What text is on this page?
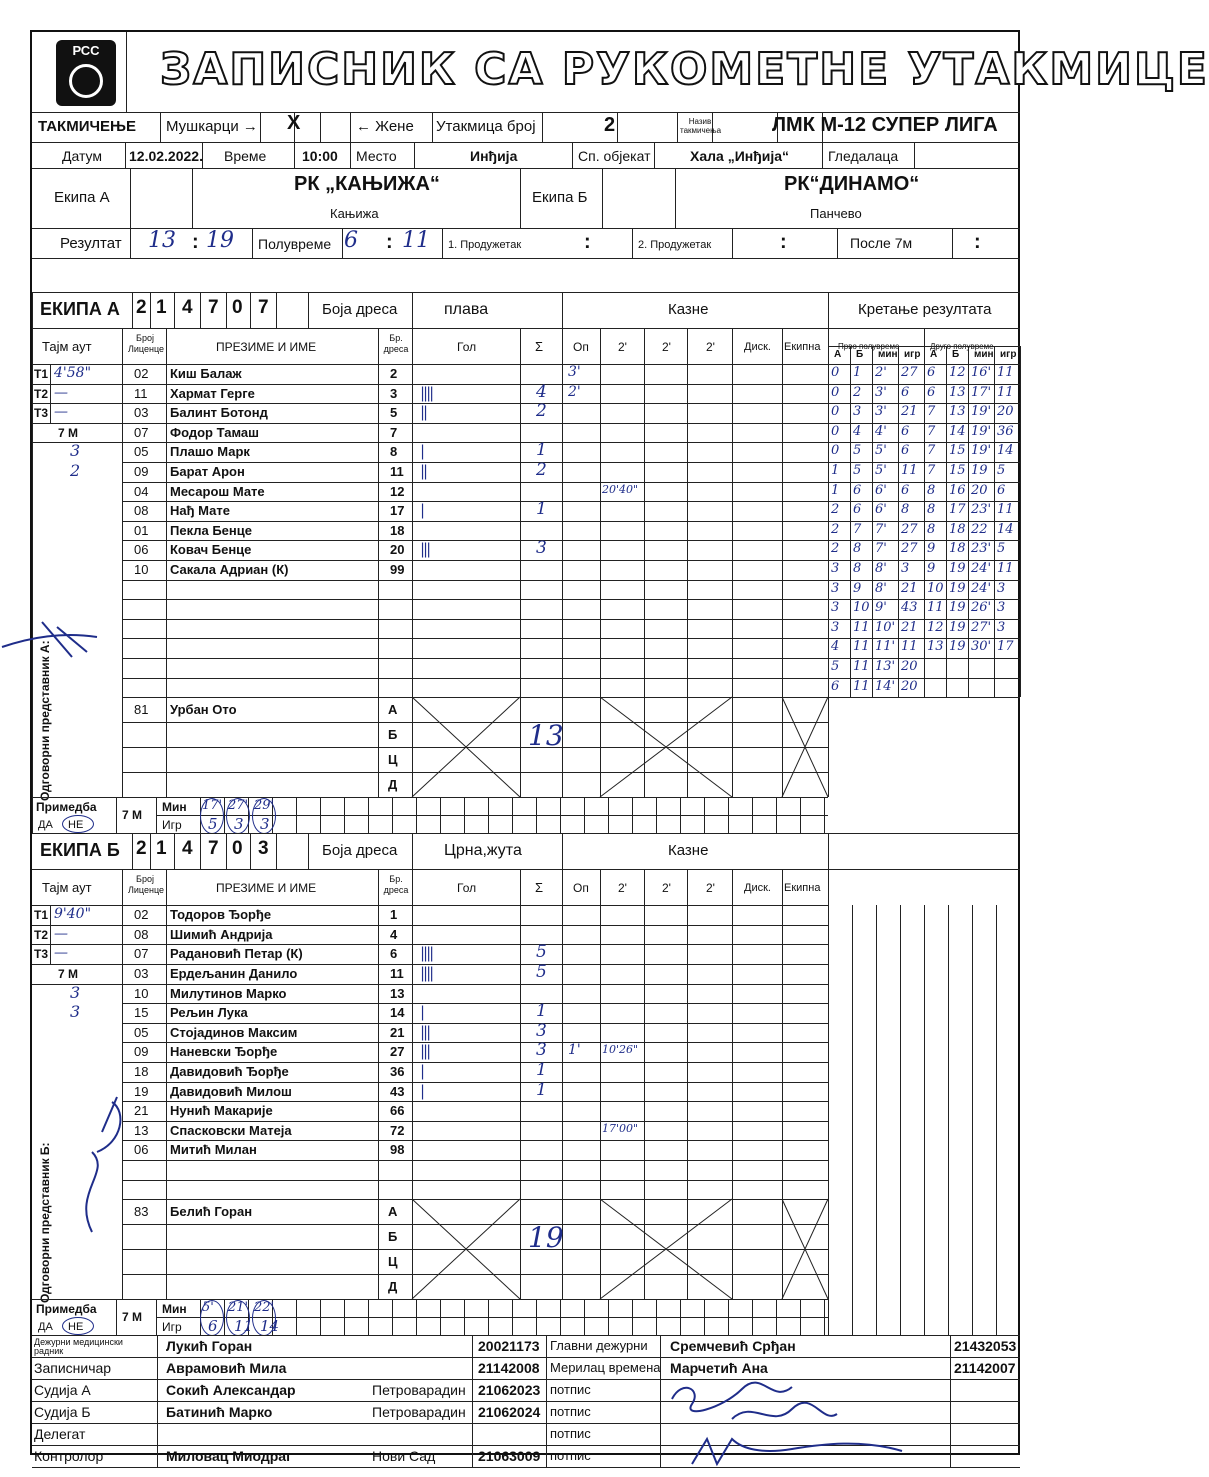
РСС	ЗАПИСНИК СА РУКОМЕТНЕ УТАКМИЦЕ
ТАКМИЧЕЊЕ Мушкарци → X	← Жене Утакмица број	2	Назив такмичења	ЛМК М-12 СУПЕР ЛИГА
Датум 12.02.2022. Време	10:00 Место	Инђија	Сп. објекат	Хала „Инђија“	Гледалаца
Екипа А
РК „КАЊИЖА“
Кањижа
Екипа Б
РК“ДИНАМО“
Панчево
Резултат 13 : 19 Полувреме 6 : 11 1. Продужетак	:	2. Продужетак	:	После 7м	:
ЕКИПА А 2 1 4 7 0 7	Боја дреса	плава	Казне	Кретање резултата
Тајм аут
Број Лиценце	ПРЕЗИМЕ И ИМЕ
Бр. дреса	Гол	Σ Оп 2'	2'	2'	Диск. Екипна Прво полувреме	Друго полувреме
Т1 4'58"
Т2 —
Т3 —
7 М
3
2
Одговорни представник А:
02 Киш Балаж	2	3'
11 Хармат Герге	3 ||||	4 2'
03 Балинт Ботонд	5 ||	2
07 Фодор Тамаш	7
05 Плашо Марк	8 |	1
09 Барат Арон	11 ||	2
04 Месарош Мате	12	20'40"
08 Нађ Мате	17 |	1
01 Пекла Бенце	18
06 Ковач Бенце	20 |||	3
10 Сакала Адриан (К)	99
81 Урбан Ото	А
Б
Ц
Д
13
Примедба
ДА НЕ
7 М
Мин
Игр
17' 27' 29'
5 3 3
А Б мин игр А Б мин игр
0 1 2' 27 6 12 16' 11
0 2 3' 6 6 13 17' 11
0 3 3' 21 7 13 19' 20
0 4 4' 6 7 14 19' 36
0 5 5' 6 7 15 19' 14
1 5 5' 11 7 15 19 5
1 6 6' 6 8 16 20 6
2 6 6' 8 8 17 23' 11
2 7 7' 27 8 18 22 14
2 8 7' 27 9 18 23' 5
3 8 8' 3 9 19 24' 11
3 9 8' 21 10 19 24' 3
3 10 9' 43 11 19 26' 3
3 11 10' 21 12 19 27' 3
4 11 11' 11 13 19 30' 17
5 11 13' 20
6 11 14' 20
ЕКИПА Б 2 1 4 7 0 3	Боја дреса	Црна,жута	Казне
Тајм аут
Број Лиценце	ПРЕЗИМЕ И ИМЕ
Бр. дреса	Гол	Σ Оп 2'	2'	2'	Диск. Екипна
Т1 9'40"
Т2 —
Т3 —
7 М
3
3
Одговорни представник Б:
02 Тодоров Ђорђе	1
08 Шимић Андрија	4
07 Радановић Петар (К)	6 ||||	5
03 Ердељанин Данило	11 ||||	5
10 Милутинов Марко	13
15 Рељин Лука	14 |	1
05 Стојадинов Максим	21 |||	3
09 Наневски Ђорђе	27 |||	3 1' 10'26"
18 Давидовић Ђорђе	36 |	1
19 Давидовић Милош	43 |	1
21 Нунић Макарије	66
13 Спасковски Матеја	72	17'00"
06 Митић Милан	98
83 Белић Горан	А
Б
Ц
Д
19
Примедба
ДА НЕ
7 М
Мин
Игр
5' 21' 22'
6 11 14
Дежурни медицински радник	Лукић Горан	20021173 Главни дежурни Сремчевић Срђан	21432053
Записничар	Аврамовић Мила	21142008 Мерилац времена Марчетић Ана	21142007
Судија А	Сокић Александар	Петроварадин 21062023 потпис
Судија Б	Батинић Марко	Петроварадин 21062024 потпис
Делегат	потпис
Контролор	Миловац Миодраг	Нови Сад	21063009 потпис
